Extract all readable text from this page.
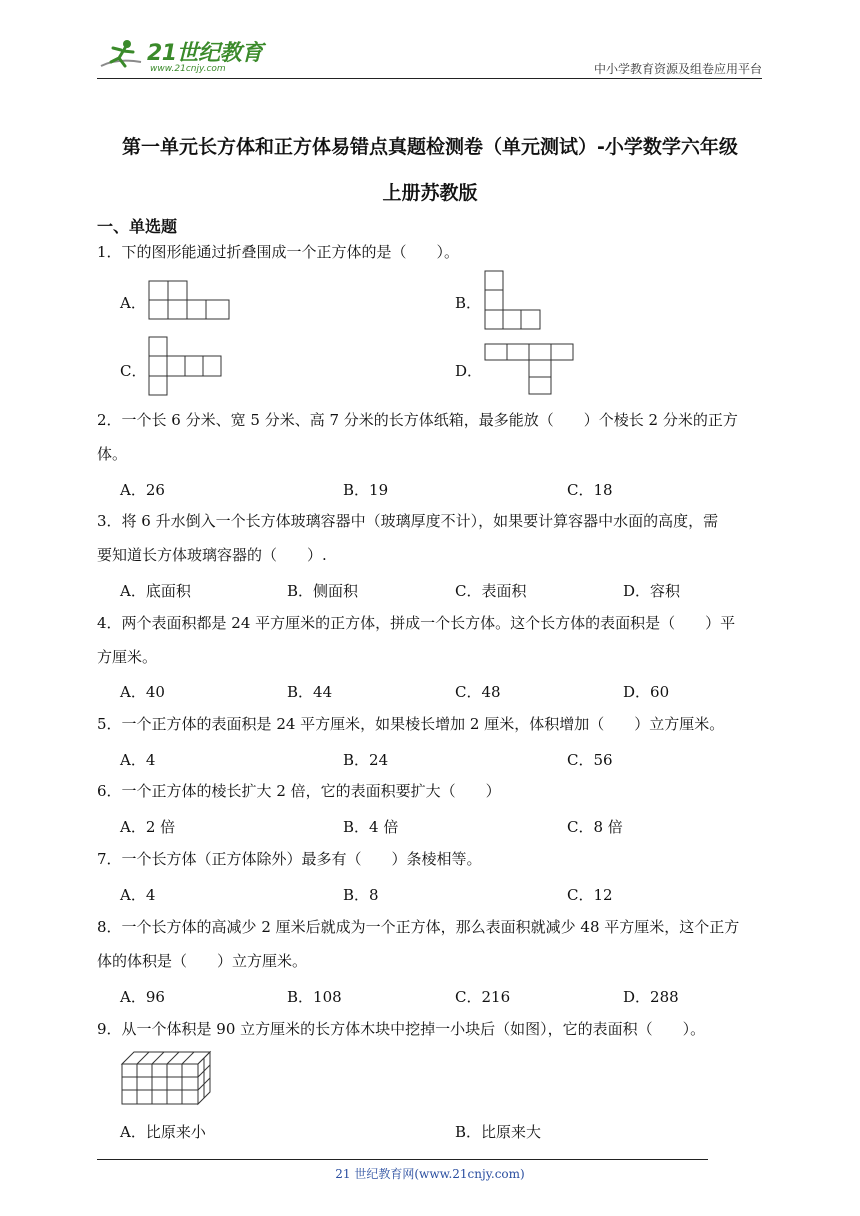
21世纪教育
www.21cnjy.com	中小学教育资源及组卷应用平台
第一单元长方体和正方体易错点真题检测卷（单元测试）-小学数学六年级
上册苏教版
一、单选题
1．下的图形能通过折叠围成一个正方体的是（　　）。
A．	B．
C．	D．
2．一个长 6 分米、宽 5 分米、高 7 分米的长方体纸箱，最多能放（　　）个棱长 2 分米的正方
体。
A．26	B．19	C．18
3．将 6 升水倒入一个长方体玻璃容器中（玻璃厚度不计），如果要计算容器中水面的高度，需
要知道长方体玻璃容器的（　　）.
A．底面积	B．侧面积	C．表面积	D．容积
4．两个表面积都是 24 平方厘米的正方体，拼成一个长方体。这个长方体的表面积是（　　）平
方厘米。
A．40	B．44	C．48	D．60
5．一个正方体的表面积是 24 平方厘米，如果棱长增加 2 厘米，体积增加（　　）立方厘米。
A．4	B．24	C．56
6．一个正方体的棱长扩大 2 倍，它的表面积要扩大（　　）
A．2 倍	B．4 倍	C．8 倍
7．一个长方体（正方体除外）最多有（　　）条棱相等。
A．4	B．8	C．12
8．一个长方体的高减少 2 厘米后就成为一个正方体，那么表面积就减少 48 平方厘米，这个正方
体的体积是（　　）立方厘米。
A．96	B．108	C．216	D．288
9．从一个体积是 90 立方厘米的长方体木块中挖掉一小块后（如图），它的表面积（　　）。
A．比原来小	B．比原来大
21 世纪教育网(www.21cnjy.com)
